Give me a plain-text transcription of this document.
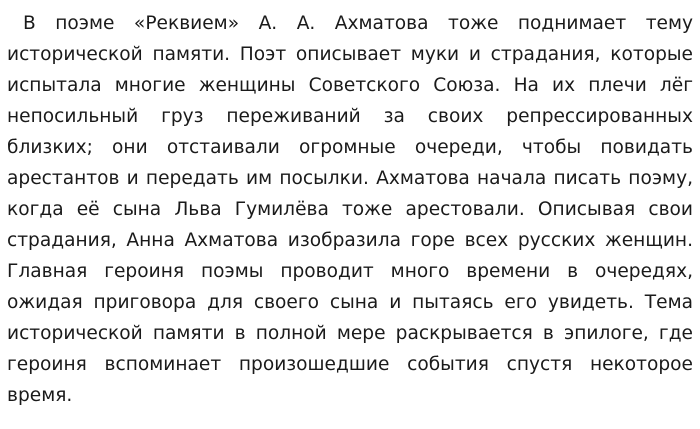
В поэме «Реквием» А. А. Ахматова тоже поднимает тему исторической памяти. Поэт описывает муки и страдания, которые испытала многие женщины Советского Союза. На их плечи лёг непосильный груз переживаний за своих репрессированных близких; они отстаивали огромные очереди, чтобы повидать арестантов и передать им посылки. Ахматова начала писать поэму, когда её сына Льва Гумилёва тоже арестовали. Описывая свои страдания, Анна Ахматова изобразила горе всех русских женщин. Главная героиня поэмы проводит много времени в очередях, ожидая приговора для своего сына и пытаясь его увидеть. Тема исторической памяти в полной мере раскрывается в эпилоге, где героиня вспоминает произошедшие события спустя некоторое время.
